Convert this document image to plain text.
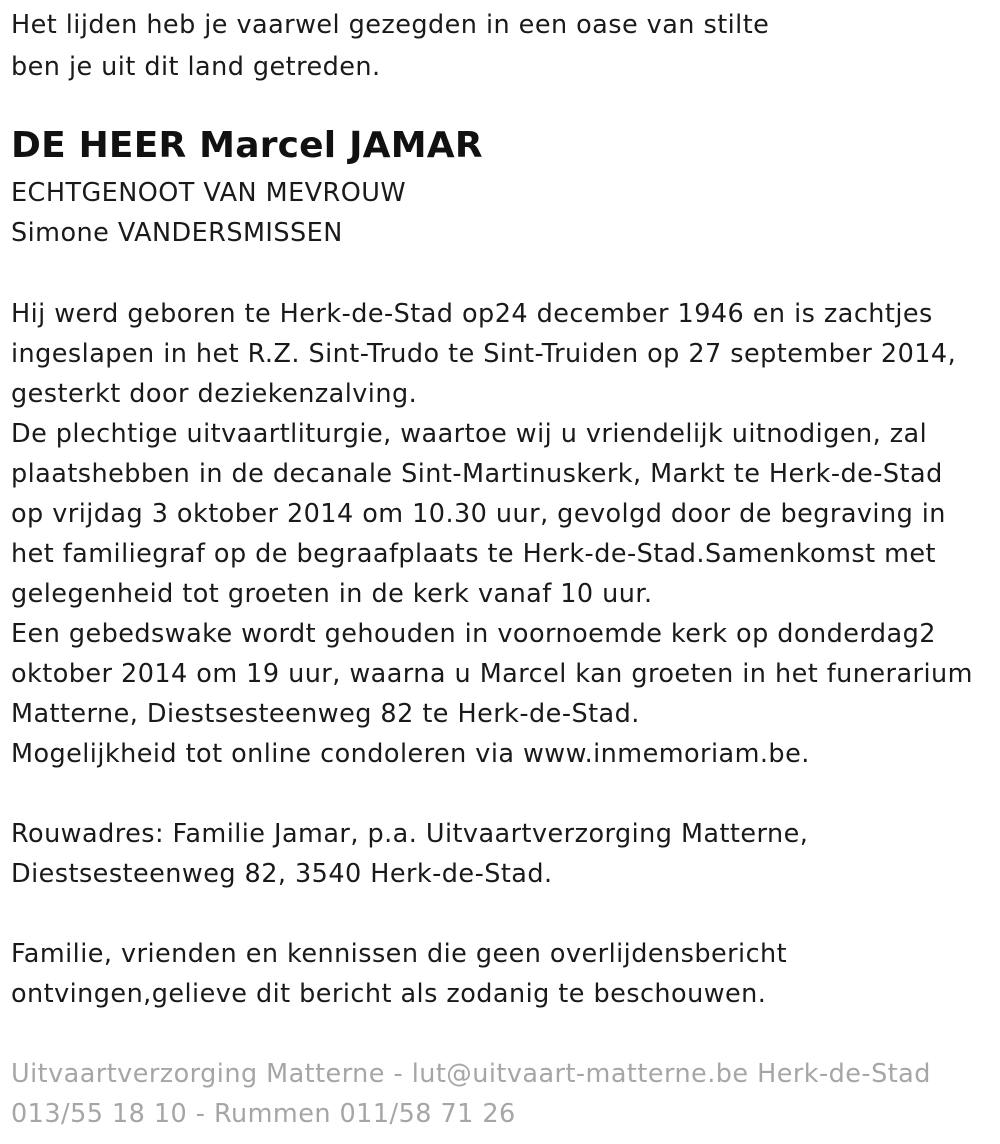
Het lijden heb je vaarwel gezegden in een oase van stilte

ben je uit dit land getreden.

DE HEER Marcel JAMAR

ECHTGENOOT VAN MEVROUW

Simone VANDERSMISSEN

Hij werd geboren te Herk-de-Stad op24 december 1946 en is zachtjes

ingeslapen in het R.Z. Sint-Trudo te Sint-Truiden op 27 september 2014,

gesterkt door deziekenzalving.

De plechtige uitvaartliturgie, waartoe wij u vriendelijk uitnodigen, zal

plaatshebben in de decanale Sint-Martinuskerk, Markt te Herk-de-Stad

op vrijdag 3 oktober 2014 om 10.30 uur, gevolgd door de begraving in

het familiegraf op de begraafplaats te Herk-de-Stad.Samenkomst met

gelegenheid tot groeten in de kerk vanaf 10 uur.

Een gebedswake wordt gehouden in voornoemde kerk op donderdag2

oktober 2014 om 19 uur, waarna u Marcel kan groeten in het funerarium

Matterne, Diestsesteenweg 82 te Herk-de-Stad.

Mogelijkheid tot online condoleren via www.inmemoriam.be.

Rouwadres: Familie Jamar, p.a. Uitvaartverzorging Matterne,

Diestsesteenweg 82, 3540 Herk-de-Stad.

Familie, vrienden en kennissen die geen overlijdensbericht

ontvingen,gelieve dit bericht als zodanig te beschouwen.

Uitvaartverzorging Matterne - lut@uitvaart-matterne.be Herk-de-Stad

013/55 18 10 - Rummen 011/58 71 26
